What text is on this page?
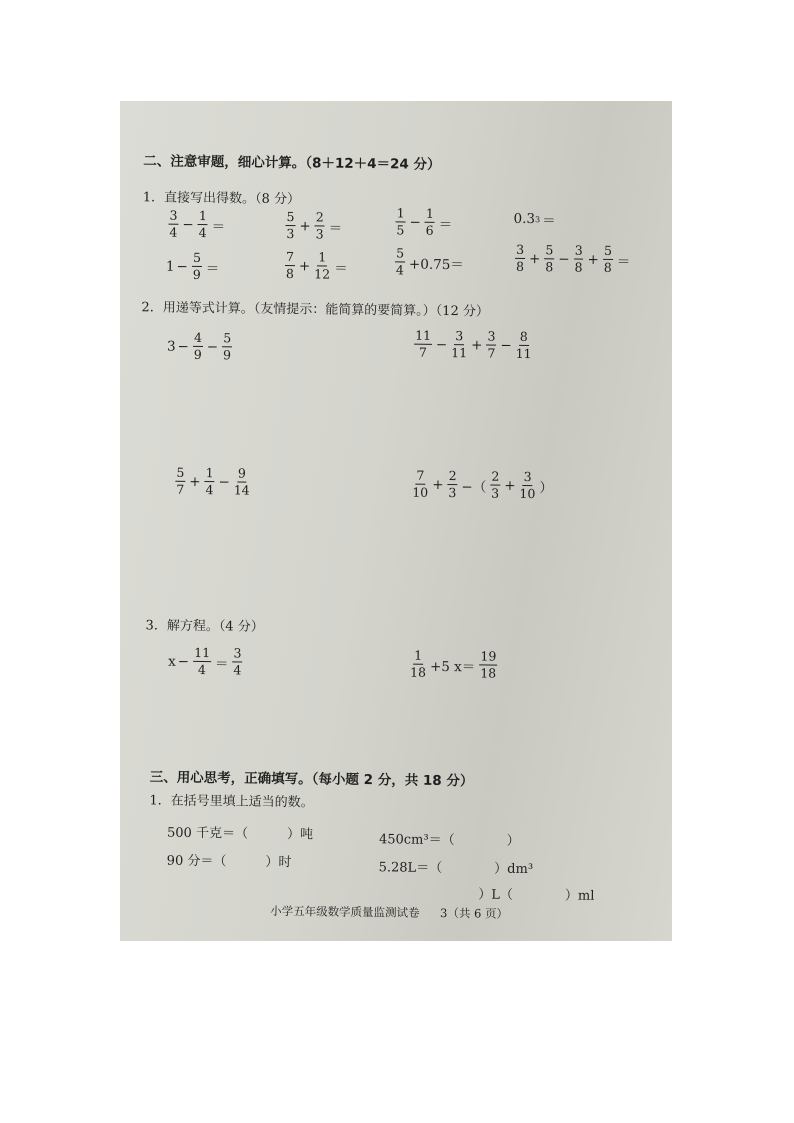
二、注意审题，细心计算。（8＋12＋4＝24 分）
1．直接写出得数。（8 分）
$\frac{3}{4} - \frac{1}{4}$ ＝	$\frac{5}{3} + \frac{2}{3}$ ＝	$\frac{1}{5} - \frac{1}{6}$ ＝	0.3 3 ＝
$1 - \frac{5}{9}$ ＝	$\frac{7}{8} + \frac{1}{12}$ ＝	$\frac{5}{4} +0.75=$	$\frac{3}{8} + \frac{5}{8} - \frac{3}{8} + \frac{5}{8}$ ＝
2．用递等式计算。（友情提示：能简算的要简算。）（12 分）
$3 - \frac{4}{9} - \frac{5}{9}$	$\frac{11}{7} - \frac{3}{11} + \frac{3}{7} - \frac{8}{11}$
$\frac{5}{7} + \frac{1}{4} - \frac{9}{14}$	$\frac{7}{10} + \frac{2}{3}$ −（ $\frac{2}{3} + \frac{3}{10}$ ）
3．解方程。（4 分）
$x - \frac{11}{4} = \frac{3}{4}$	$\frac{1}{18} +5$ $x= \frac{19}{18}$
三、用心思考，正确填写。（每小题 2 分，共 18 分）
1．在括号里填上适当的数。
500 千克＝（　　　）吨	450cm³＝（　　　　）
90 分＝（　　　）时	5.28L＝（　　　　）dm³
）L（　　　　）ml
小学五年级数学质量监测试卷 3（共 6 页）
